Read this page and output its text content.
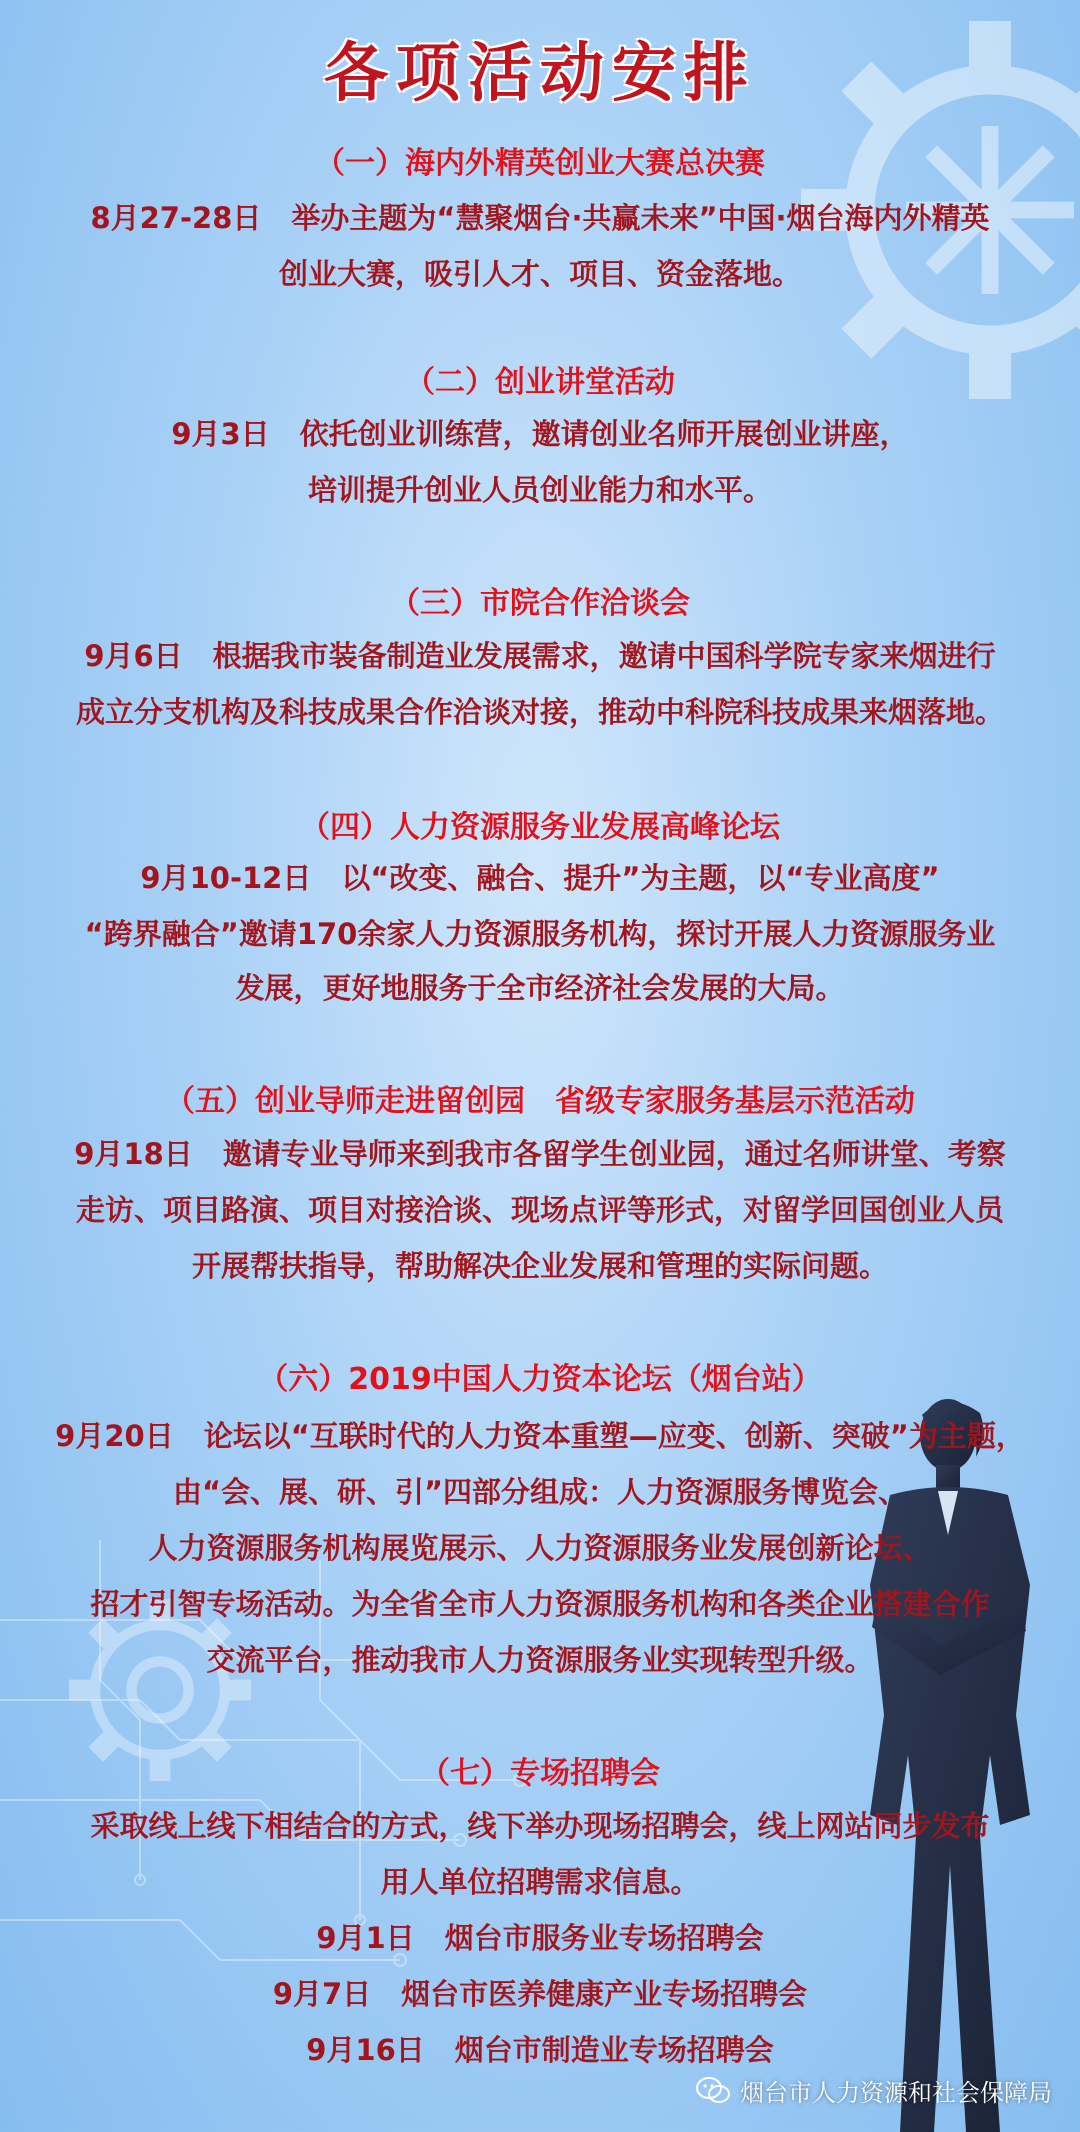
各项活动安排
（一）海内外精英创业大赛总决赛
8月27-28日 举办主题为“慧聚烟台·共赢未来”中国·烟台海内外精英
创业大赛，吸引人才、项目、资金落地。
（二）创业讲堂活动
9月3日 依托创业训练营，邀请创业名师开展创业讲座，
培训提升创业人员创业能力和水平。
（三）市院合作洽谈会
9月6日 根据我市装备制造业发展需求，邀请中国科学院专家来烟进行
成立分支机构及科技成果合作洽谈对接，推动中科院科技成果来烟落地。
（四）人力资源服务业发展高峰论坛
9月10-12日 以“改变、融合、提升”为主题，以“专业高度”
“跨界融合”邀请170余家人力资源服务机构，探讨开展人力资源服务业
发展，更好地服务于全市经济社会发展的大局。
（五）创业导师走进留创园　省级专家服务基层示范活动
9月18日 邀请专业导师来到我市各留学生创业园，通过名师讲堂、考察
走访、项目路演、项目对接洽谈、现场点评等形式，对留学回国创业人员
开展帮扶指导，帮助解决企业发展和管理的实际问题。
（六）2019中国人力资本论坛（烟台站）
9月20日 论坛以“互联时代的人力资本重塑—应变、创新、突破”为主题，
由“会、展、研、引”四部分组成：人力资源服务博览会、
人力资源服务机构展览展示、人力资源服务业发展创新论坛、
招才引智专场活动。为全省全市人力资源服务机构和各类企业搭建合作
交流平台，推动我市人力资源服务业实现转型升级。
（七）专场招聘会
采取线上线下相结合的方式，线下举办现场招聘会，线上网站同步发布
用人单位招聘需求信息。
9月1日 烟台市服务业专场招聘会
9月7日 烟台市医养健康产业专场招聘会
9月16日 烟台市制造业专场招聘会
烟台市人力资源和社会保障局
